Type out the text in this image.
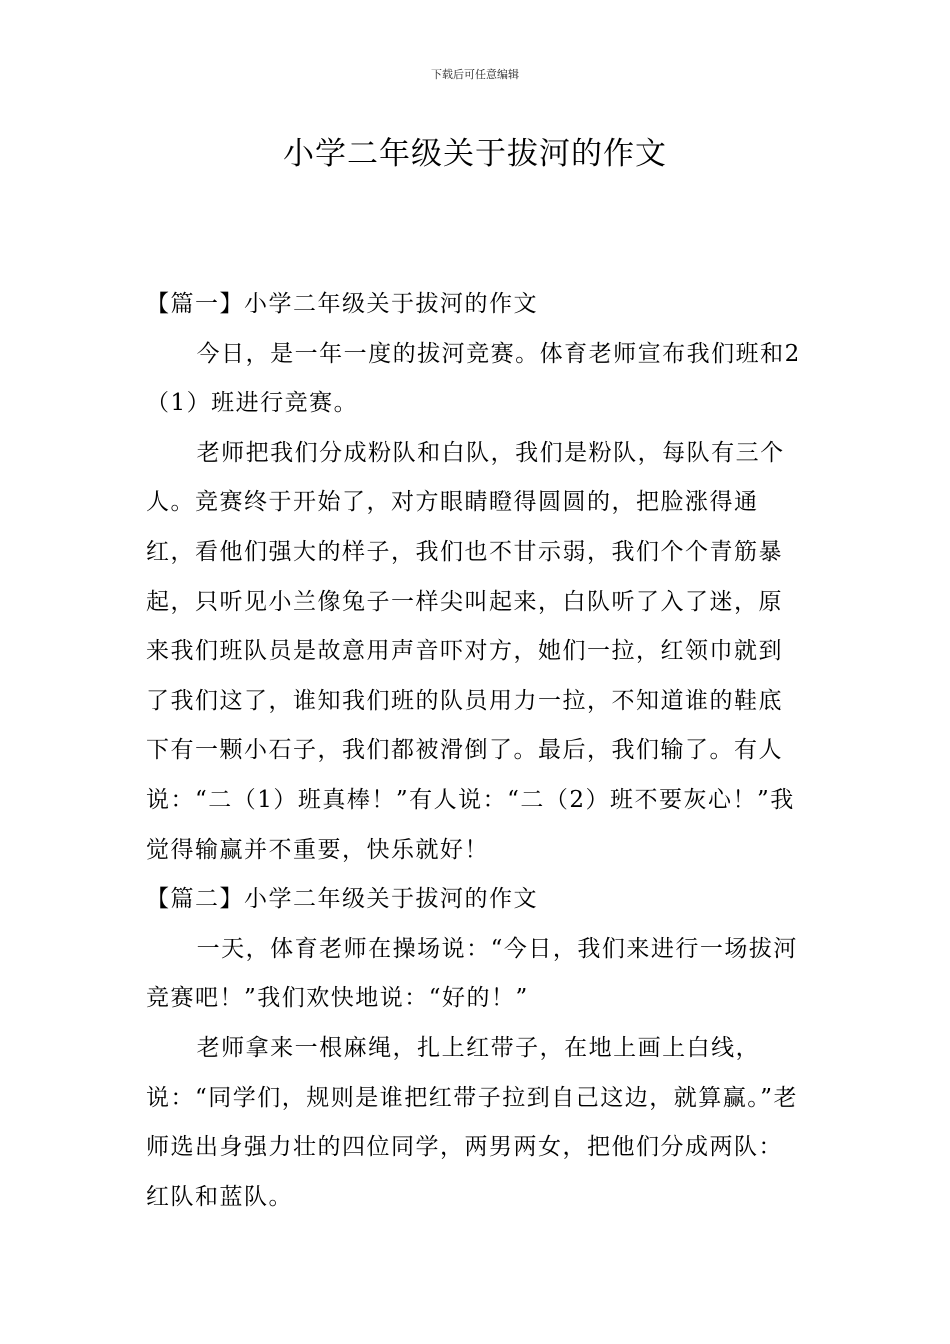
下载后可任意编辑
小学二年级关于拔河的作文

【篇一】小学二年级关于拔河的作文

今日，是一年一度的拔河竞赛。体育老师宣布我们班和2（1）班进行竞赛。

老师把我们分成粉队和白队，我们是粉队，每队有三个人。竞赛终于开始了，对方眼睛瞪得圆圆的，把脸涨得通红，看他们强大的样子，我们也不甘示弱，我们个个青筋暴起，只听见小兰像兔子一样尖叫起来，白队听了入了迷，原来我们班队员是故意用声音吓对方，她们一拉，红领巾就到了我们这了，谁知我们班的队员用力一拉，不知道谁的鞋底下有一颗小石子，我们都被滑倒了。最后，我们输了。有人说：“二（1）班真棒！”有人说：“二（2）班不要灰心！”我觉得输赢并不重要，快乐就好！

【篇二】小学二年级关于拔河的作文

一天，体育老师在操场说：“今日，我们来进行一场拔河竞赛吧！”我们欢快地说：“好的！”

老师拿来一根麻绳，扎上红带子，在地上画上白线，说：“同学们，规则是谁把红带子拉到自己这边，就算赢。”老师选出身强力壮的四位同学，两男两女，把他们分成两队：红队和蓝队。
